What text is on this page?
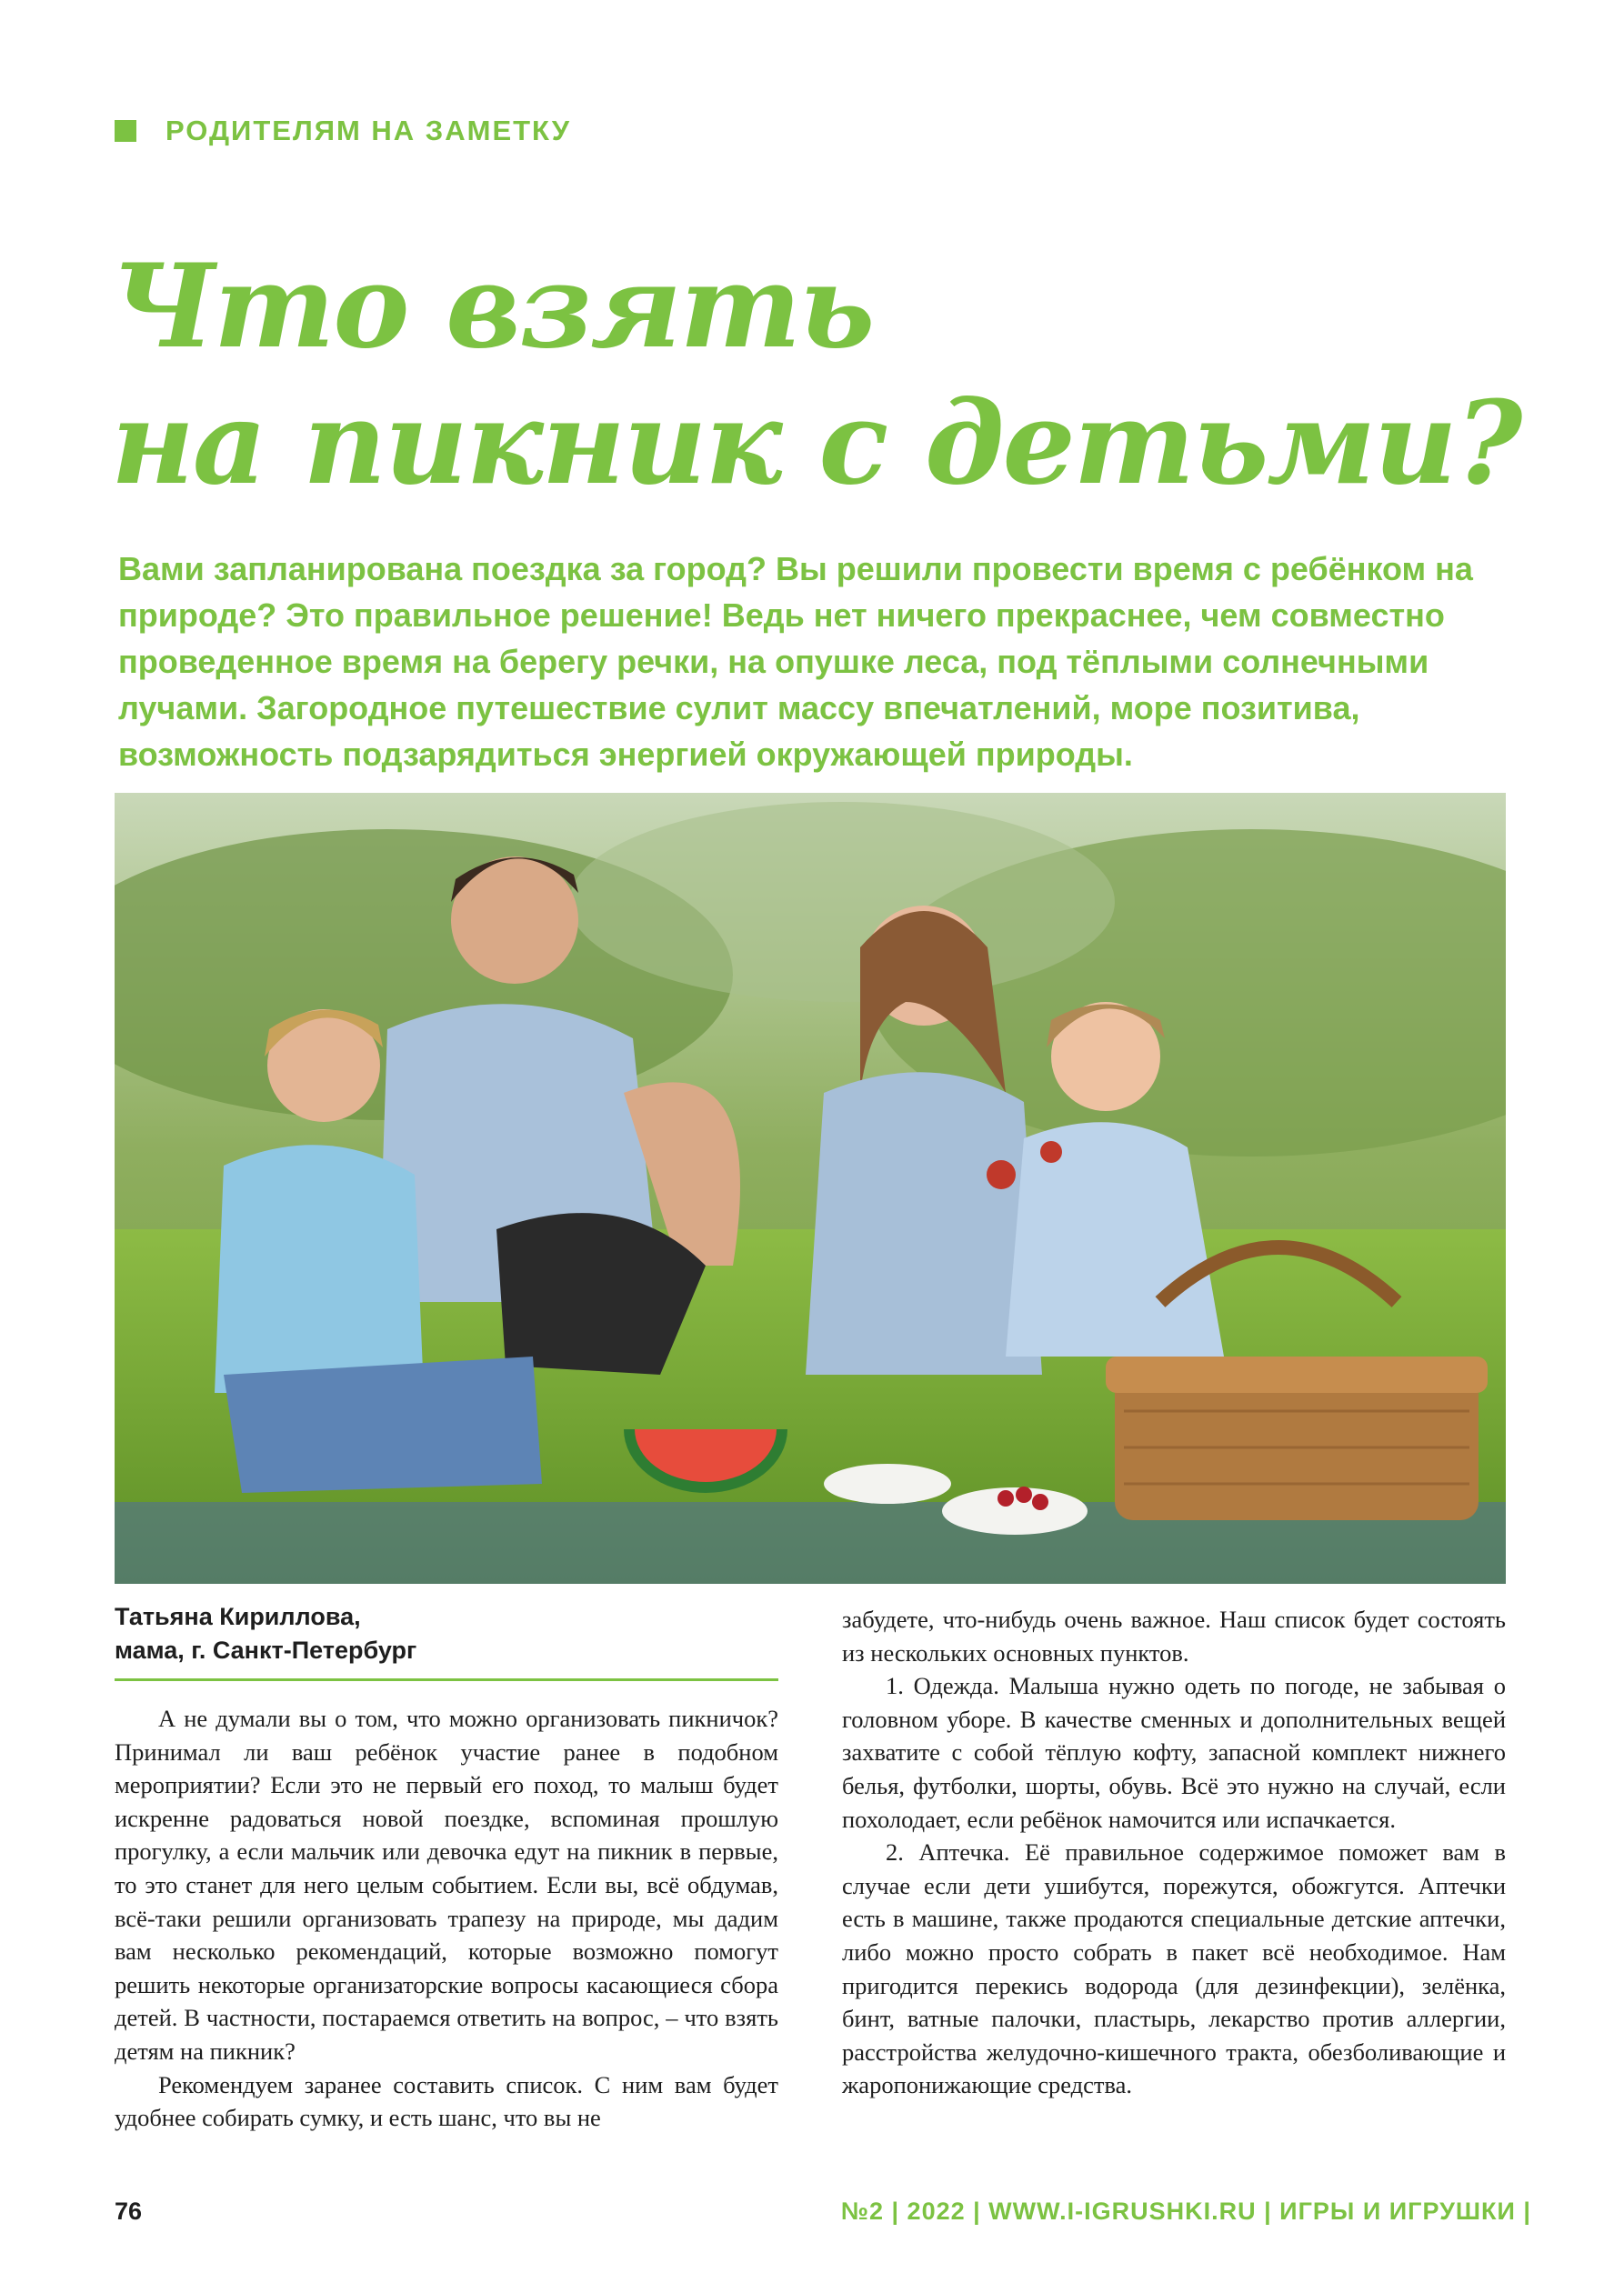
РОДИТЕЛЯМ НА ЗАМЕТКУ
Что взять
на пикник с детьми?
Вами запланирована поездка за город? Вы решили провести время с ребёнком на природе? Это правильное решение! Ведь нет ничего прекраснее, чем совместно проведенное время на берегу речки, на опушке леса, под тёплыми солнечными лучами. Загородное путешествие сулит массу впечатлений, море позитива, возможность подзарядиться энергией окружающей природы.
Татьяна Кириллова,
мама, г. Санкт-Петербург

А не думали вы о том, что можно организовать пикничок? Принимал ли ваш ребёнок участие ранее в подобном мероприятии? Если это не первый его поход, то малыш будет искренне радоваться новой поездке, вспоминая прошлую прогулку, а если мальчик или девочка едут на пикник в первые, то это станет для него целым событием. Если вы, всё обдумав, всё-таки решили организовать трапезу на природе, мы дадим вам несколько рекомендаций, которые возможно помогут решить некоторые организаторские вопросы касающиеся сбора детей. В частности, постараемся ответить на вопрос, – что взять детям на пикник?

Рекомендуем заранее составить список. С ним вам будет удобнее собирать сумку, и есть шанс, что вы не

забудете, что-нибудь очень важное. Наш список будет состоять из нескольких основных пунктов.

1. Одежда. Малыша нужно одеть по погоде, не забывая о головном уборе. В качестве сменных и дополнительных вещей захватите с собой тёплую кофту, запасной комплект нижнего белья, футболки, шорты, обувь. Всё это нужно на случай, если похолодает, если ребёнок намочится или испачкается.

2. Аптечка. Её правильное содержимое поможет вам в случае если дети ушибутся, порежутся, обожгутся. Аптечки есть в машине, также продаются специальные детские аптечки, либо можно просто собрать в пакет всё необходимое. Нам пригодится перекись водорода (для дезинфекции), зелёнка, бинт, ватные палочки, пластырь, лекарство против аллергии, расстройства желудочно-кишечного тракта, обезболивающие и жаропонижающие средства.

76	№2 | 2022 | WWW.I-IGRUSHKI.RU | ИГРЫ И ИГРУШКИ |
